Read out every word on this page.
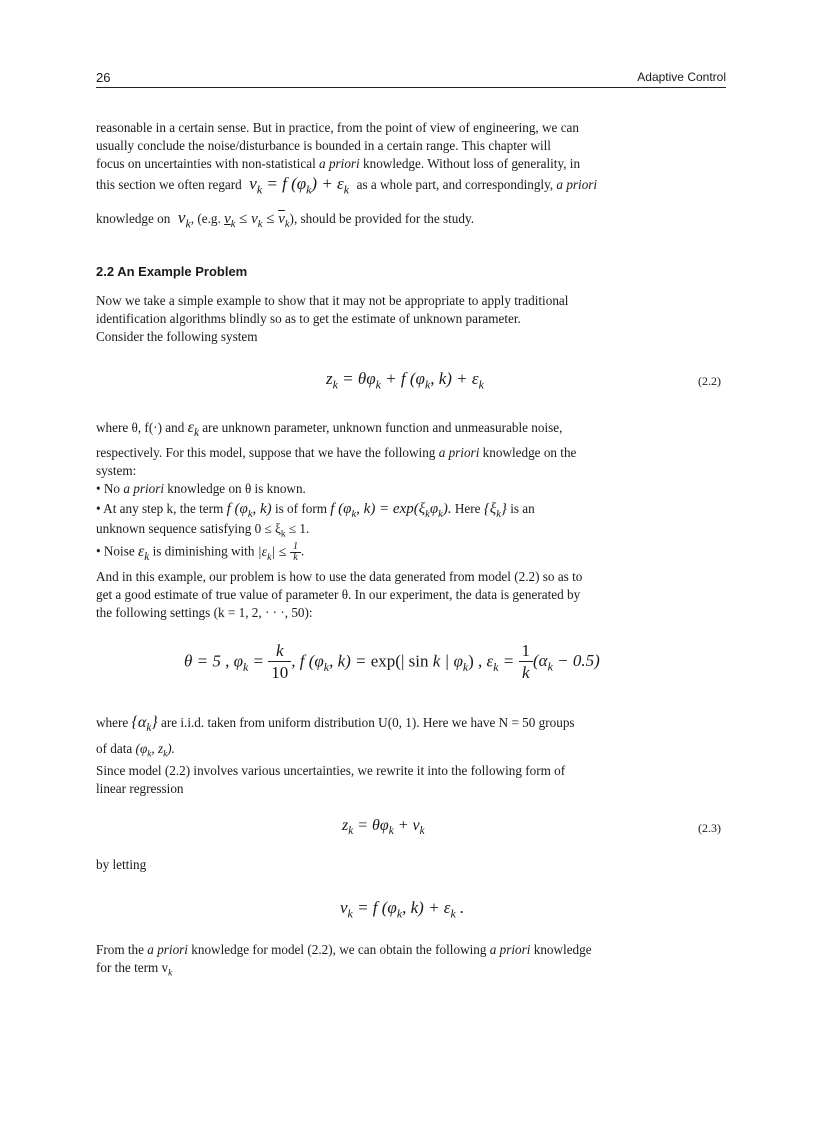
26	Adaptive Control
reasonable in a certain sense. But in practice, from the point of view of engineering, we can
usually conclude the noise/disturbance is bounded in a certain range. This chapter will
focus on uncertainties with non-statistical a priori knowledge. Without loss of generality, in
this section we often regard  $v_k = f$ $(\varphi_k) + \varepsilon_k$ as a whole part, and correspondingly, a priori
knowledge on  $v_k$, (e.g. $v_k \le v_k \le \overline{v}_k$), should be provided for the study.
2.2 An Example Problem
Now we take a simple example to show that it may not be appropriate to apply traditional
identification algorithms blindly so as to get the estimate of unknown parameter.
Consider the following system
$z_k = \theta\varphi_k + f$ ($\varphi_k$, $k) + \varepsilon_k$	(2.2)
where θ, f(·) and $\varepsilon_k$ are unknown parameter, unknown function and unmeasurable noise,
respectively. For this model, suppose that we have the following a priori knowledge on the
system:
• No a priori knowledge on θ is known.
• At any step k, the term f ($\varphi_k$, k) is of form f ($\varphi_k$, $k) = \exp(\xi_k\varphi_k)$. Here $\{\xi_k\}$ is an
unknown sequence satisfying $0 \le \xi_k \le 1$.
• Noise $\varepsilon_k$ is diminishing with $|\varepsilon_k| \le \frac{1}{k}$ .
And in this example, our problem is how to use the data generated from model (2.2) so as to
get a good estimate of true value of parameter θ. In our experiment, the data is generated by
the following settings (k = 1, 2, · · ·, 50):
θ = 5 , $\varphi_k = \frac{k}{10}$ , f ($\varphi_k$, k) = exp(| sin k | $\varphi_k$) , $\varepsilon_k = \frac{1}{k} (\alpha_k - 0.5)$
where $\{\alpha_k\}$ are i.i.d. taken from uniform distribution U(0, 1). Here we have N = 50 groups
of data ($\varphi_k$, $z_k$).
Since model (2.2) involves various uncertainties, we rewrite it into the following form of
linear regression
$z_k = \theta\varphi_k + v_k$	(2.3)
by letting
$v_k = f$ ($\varphi_k$, $k) + \varepsilon_k$ .
From the a priori knowledge for model (2.2), we can obtain the following a priori knowledge
for the term $v_k$
